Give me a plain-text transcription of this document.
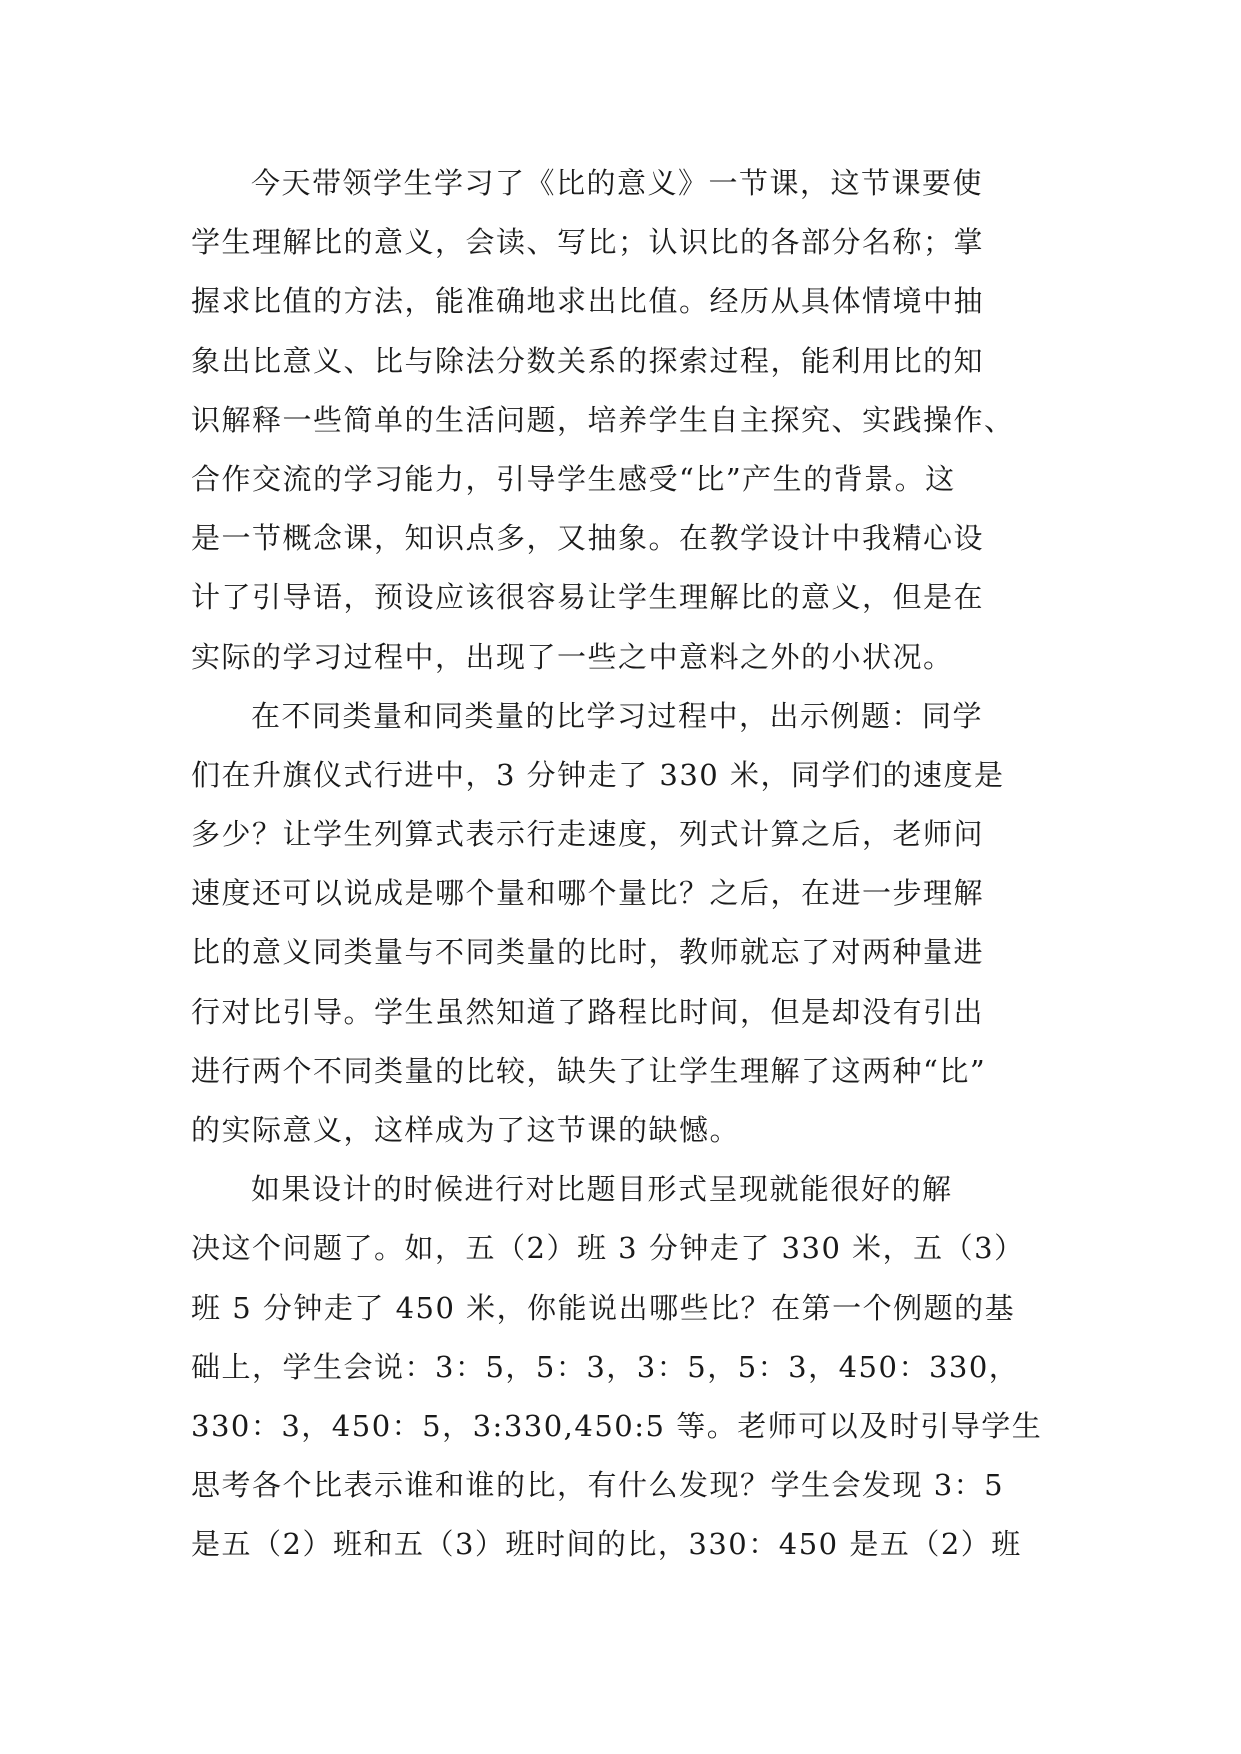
今天带领学生学习了《比的意义》一节课，这节课要使
学生理解比的意义，会读、写比；认识比的各部分名称；掌
握求比值的方法，能准确地求出比值。经历从具体情境中抽
象出比意义、比与除法分数关系的探索过程，能利用比的知
识解释一些简单的生活问题，培养学生自主探究、实践操作、
合作交流的学习能力，引导学生感受“比”产生的背景。这
是一节概念课，知识点多，又抽象。在教学设计中我精心设
计了引导语，预设应该很容易让学生理解比的意义，但是在
实际的学习过程中，出现了一些之中意料之外的小状况。
在不同类量和同类量的比学习过程中，出示例题：同学
们在升旗仪式行进中，3 分钟走了 330 米，同学们的速度是
多少？让学生列算式表示行走速度，列式计算之后，老师问
速度还可以说成是哪个量和哪个量比？之后，在进一步理解
比的意义同类量与不同类量的比时，教师就忘了对两种量进
行对比引导。学生虽然知道了路程比时间，但是却没有引出
进行两个不同类量的比较，缺失了让学生理解了这两种“比”
的实际意义，这样成为了这节课的缺憾。
如果设计的时候进行对比题目形式呈现就能很好的解
决这个问题了。如，五（2）班 3 分钟走了 330 米，五（3）
班 5 分钟走了 450 米，你能说出哪些比？在第一个例题的基
础上，学生会说：3：5，5：3，3：5，5：3，450：330，
330：3，450：5，3:330,450:5 等。老师可以及时引导学生
思考各个比表示谁和谁的比，有什么发现？学生会发现 3：5
是五（2）班和五（3）班时间的比，330：450 是五（2）班
